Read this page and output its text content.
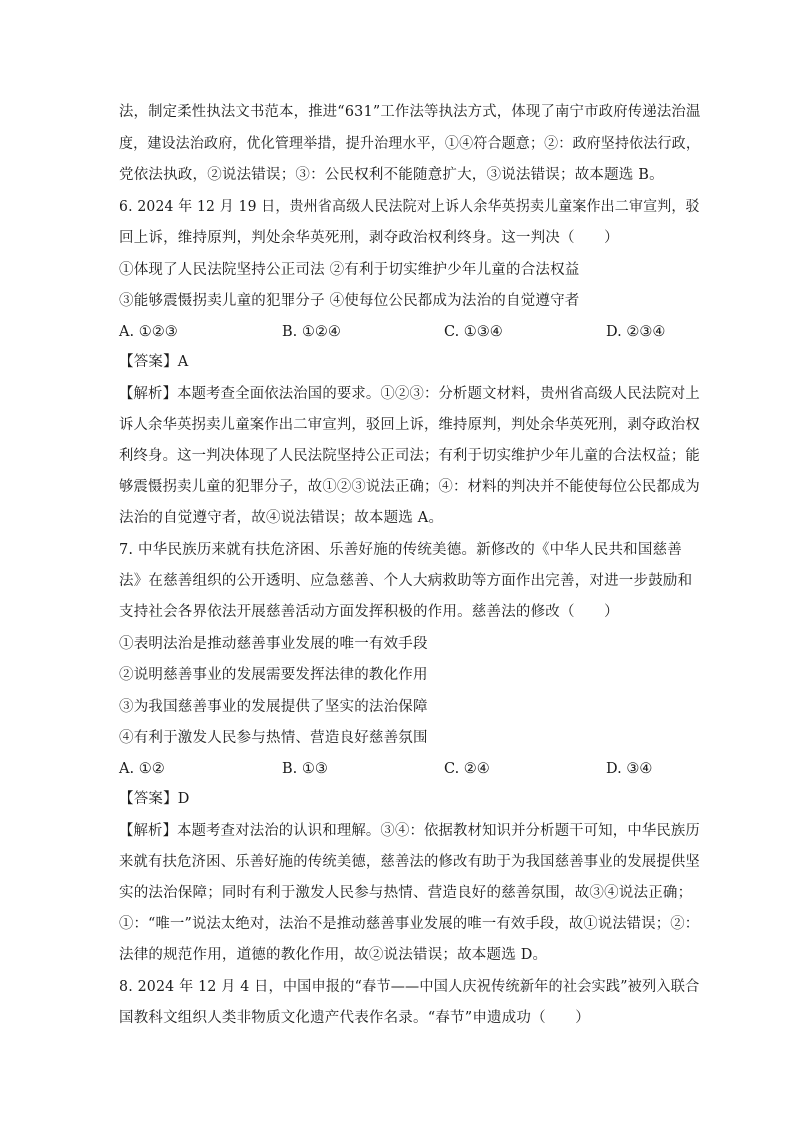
法，制定柔性执法文书范本，推进“631”工作法等执法方式，体现了南宁市政府传递法治温
度，建设法治政府，优化管理举措，提升治理水平，①④符合题意；②：政府坚持依法行政，
党依法执政，②说法错误；③：公民权利不能随意扩大，③说法错误；故本题选 B。
6. 2024 年 12 月 19 日，贵州省高级人民法院对上诉人余华英拐卖儿童案作出二审宣判，驳
回上诉，维持原判，判处余华英死刑，剥夺政治权利终身。这一判决（　　）
①体现了人民法院坚持公正司法 ②有利于切实维护少年儿童的合法权益
③能够震慑拐卖儿童的犯罪分子 ④使每位公民都成为法治的自觉遵守者
A. ①②③	B. ①②④	C. ①③④	D. ②③④
【答案】A
【解析】本题考查全面依法治国的要求。①②③：分析题文材料，贵州省高级人民法院对上
诉人余华英拐卖儿童案作出二审宣判，驳回上诉，维持原判，判处余华英死刑，剥夺政治权
利终身。这一判决体现了人民法院坚持公正司法；有利于切实维护少年儿童的合法权益；能
够震慑拐卖儿童的犯罪分子，故①②③说法正确；④：材料的判决并不能使每位公民都成为
法治的自觉遵守者，故④说法错误；故本题选 A。
7. 中华民族历来就有扶危济困、乐善好施的传统美德。新修改的《中华人民共和国慈善
法》在慈善组织的公开透明、应急慈善、个人大病救助等方面作出完善，对进一步鼓励和
支持社会各界依法开展慈善活动方面发挥积极的作用。慈善法的修改（　　）
①表明法治是推动慈善事业发展的唯一有效手段
②说明慈善事业的发展需要发挥法律的教化作用
③为我国慈善事业的发展提供了坚实的法治保障
④有利于激发人民参与热情、营造良好慈善氛围
A. ①②	B. ①③	C. ②④	D. ③④
【答案】D
【解析】本题考查对法治的认识和理解。③④：依据教材知识并分析题干可知，中华民族历
来就有扶危济困、乐善好施的传统美德，慈善法的修改有助于为我国慈善事业的发展提供坚
实的法治保障；同时有利于激发人民参与热情、营造良好的慈善氛围，故③④说法正确；
①：“唯一”说法太绝对，法治不是推动慈善事业发展的唯一有效手段，故①说法错误；②：
法律的规范作用，道德的教化作用，故②说法错误；故本题选 D。
8. 2024 年 12 月 4 日，中国申报的“春节——中国人庆祝传统新年的社会实践”被列入联合
国教科文组织人类非物质文化遗产代表作名录。“春节”申遗成功（　　）
